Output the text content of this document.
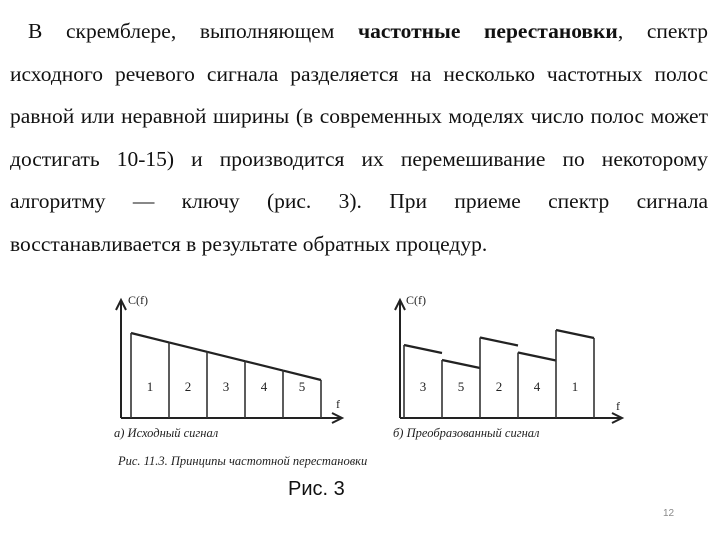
В скремблере, выполняющем частотные перестановки, спектр исходного речевого сигнала разделяется на несколько частотных полос равной или неравной ширины (в современных моделях число полос может достигать 10-15) и производится их перемешивание по некоторому алгоритму — ключу (рис. 3). При приеме спектр сигнала восстанавливается в результате обратных процедур.
C(f)
f
1 2 3 4 5
а) Исходный сигнал
C(f)
f
3 5 2 4 1
б) Преобразованный сигнал
Рис. 11.3. Принципы частотной перестановки
Рис. 3
12
